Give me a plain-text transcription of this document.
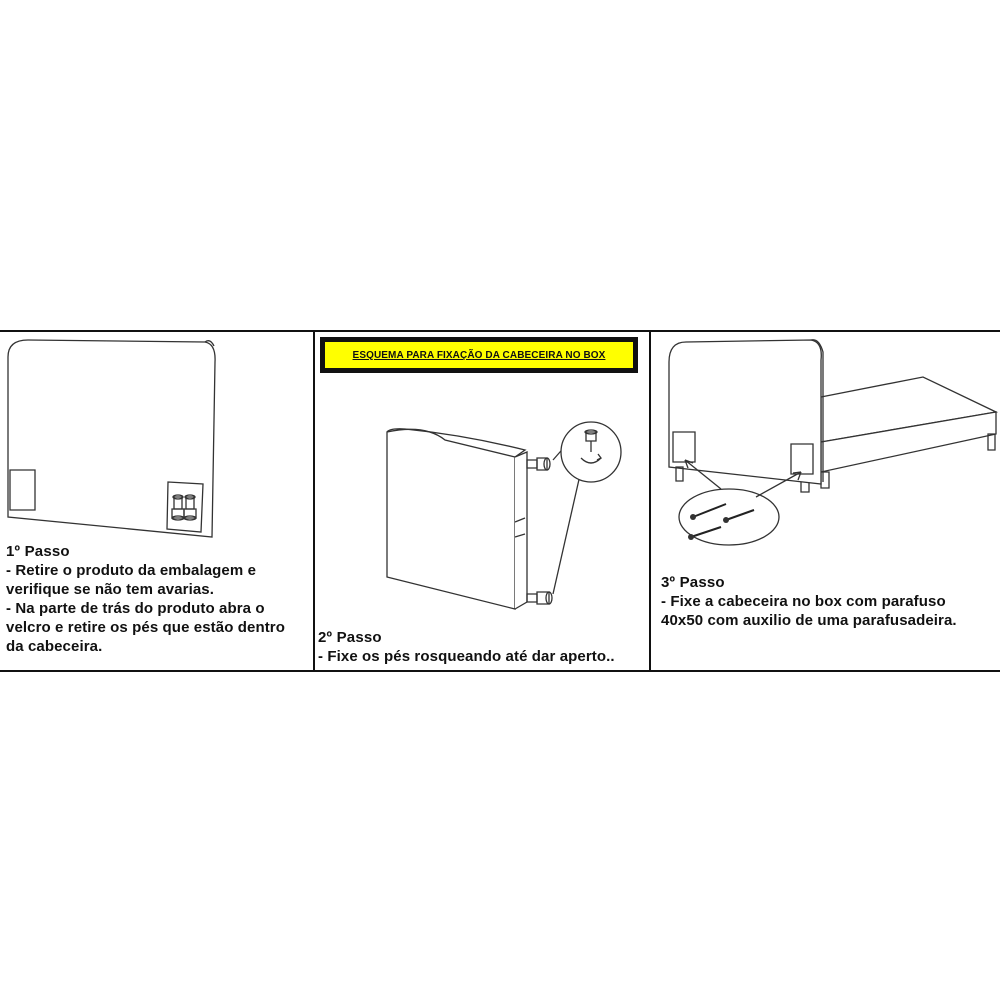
1º Passo
- Retire o produto da embalagem e
verifique se não tem avarias.
- Na parte de trás do produto abra o
velcro e retire os pés que estão dentro
da cabeceira.
ESQUEMA PARA FIXAÇÃO DA CABECEIRA NO BOX
2º Passo
- Fixe os pés rosqueando até dar aperto..
3º Passo
- Fixe a cabeceira no box com parafuso
40x50 com auxilio de uma parafusadeira.
